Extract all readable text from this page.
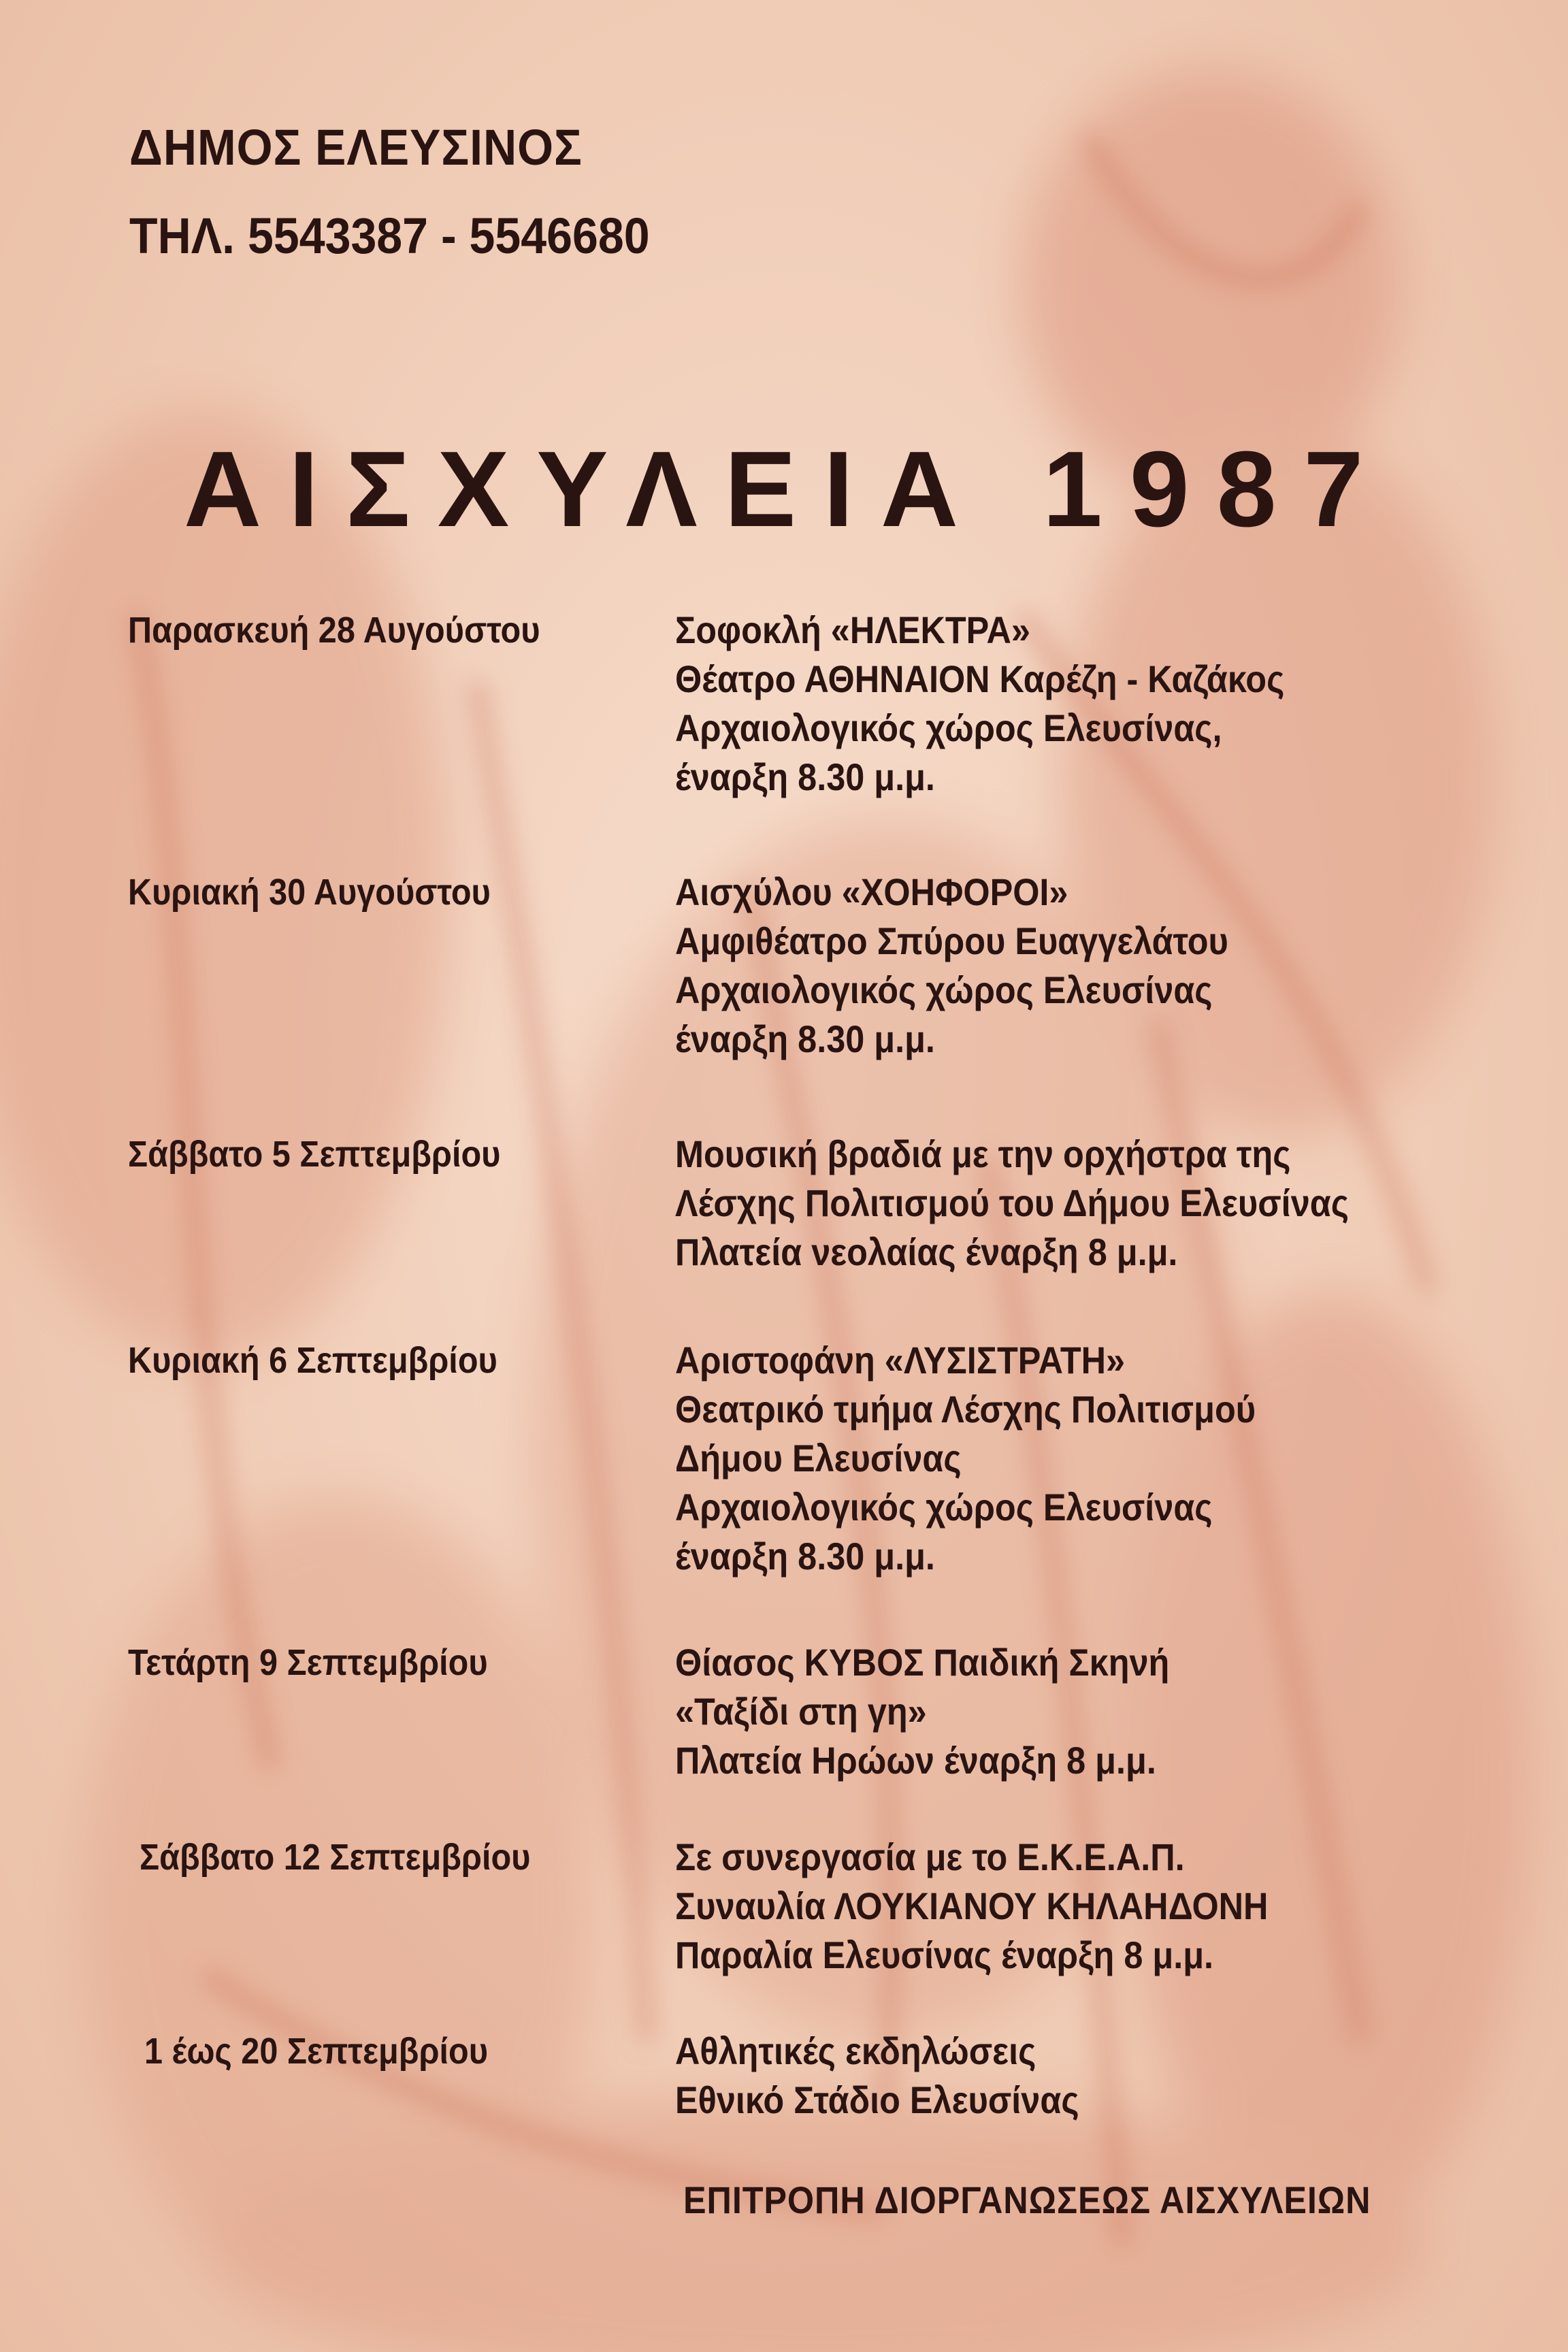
ΔΗΜΟΣ ΕΛΕΥΣΙΝΟΣ
ΤΗΛ. 5543387 - 5546680
ΑΙΣΧΥΛΕΙΑ 1987
Παρασκευή 28 Αυγούστου	Σοφοκλή «ΗΛΕΚΤΡΑ»
Θέατρο ΑΘΗΝΑΙΟΝ Καρέζη - Καζάκος
Αρχαιολογικός χώρος Ελευσίνας,
έναρξη 8.30 μ.μ.
Κυριακή 30 Αυγούστου	Αισχύλου «ΧΟΗΦΟΡΟΙ»
Αμφιθέατρο Σπύρου Ευαγγελάτου
Αρχαιολογικός χώρος Ελευσίνας
έναρξη 8.30 μ.μ.
Σάββατο 5 Σεπτεμβρίου	Μουσική βραδιά με την ορχήστρα της
Λέσχης Πολιτισμού του Δήμου Ελευσίνας
Πλατεία νεολαίας έναρξη 8 μ.μ.
Κυριακή 6 Σεπτεμβρίου	Αριστοφάνη «ΛΥΣΙΣΤΡΑΤΗ»
Θεατρικό τμήμα Λέσχης Πολιτισμού
Δήμου Ελευσίνας
Αρχαιολογικός χώρος Ελευσίνας
έναρξη 8.30 μ.μ.
Τετάρτη 9 Σεπτεμβρίου	Θίασος ΚΥΒΟΣ Παιδική Σκηνή
«Ταξίδι στη γη»
Πλατεία Ηρώων έναρξη 8 μ.μ.
Σάββατο 12 Σεπτεμβρίου	Σε συνεργασία με το Ε.Κ.Ε.Α.Π.
Συναυλία ΛΟΥΚΙΑΝΟΥ ΚΗΛΑΗΔΟΝΗ
Παραλία Ελευσίνας έναρξη 8 μ.μ.
1 έως 20 Σεπτεμβρίου	Αθλητικές εκδηλώσεις
Εθνικό Στάδιο Ελευσίνας
ΕΠΙΤΡΟΠΗ ΔΙΟΡΓΑΝΩΣΕΩΣ ΑΙΣΧΥΛΕΙΩΝ
